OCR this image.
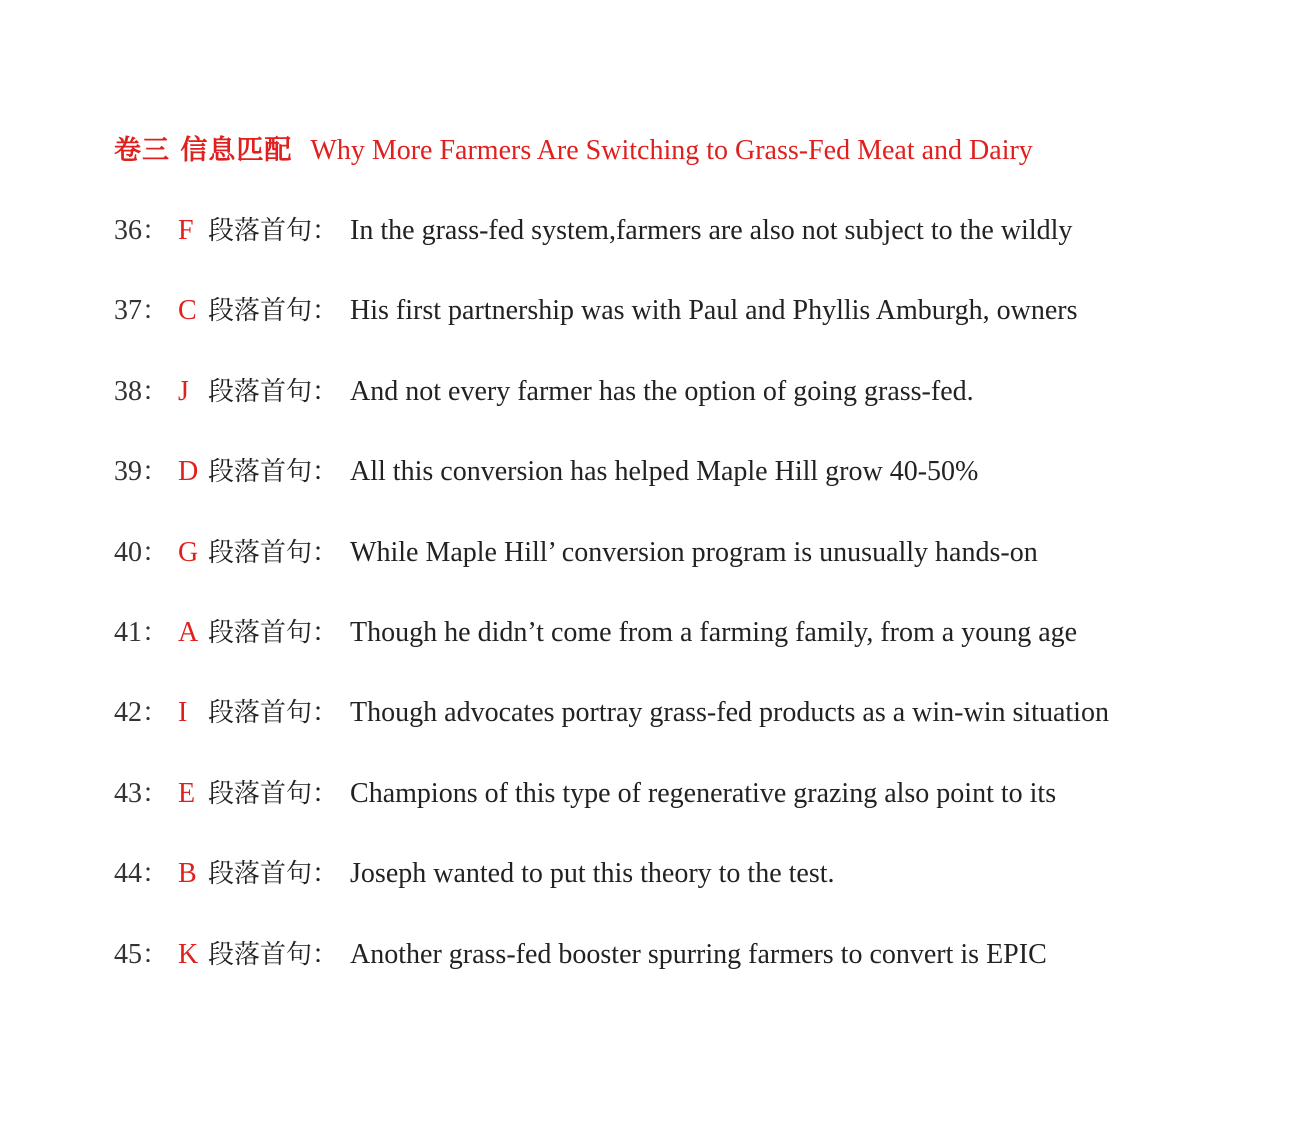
卷三 信息匹配 Why More Farmers Are Switching to Grass-Fed Meat and Dairy
36： F 段落首句： In the grass-fed system,farmers are also not subject to the wildly
37： C 段落首句： His first partnership was with Paul and Phyllis Amburgh, owners
38： J 段落首句： And not every farmer has the option of going grass-fed.
39： D 段落首句： All this conversion has helped Maple Hill grow 40-50%
40： G 段落首句： While Maple Hill’ conversion program is unusually hands-on
41： A 段落首句： Though he didn’t come from a farming family, from a young age
42： I 段落首句： Though advocates portray grass-fed products as a win-win situation
43： E 段落首句： Champions of this type of regenerative grazing also point to its
44： B 段落首句： Joseph wanted to put this theory to the test.
45： K 段落首句： Another grass-fed booster spurring farmers to convert is EPIC
